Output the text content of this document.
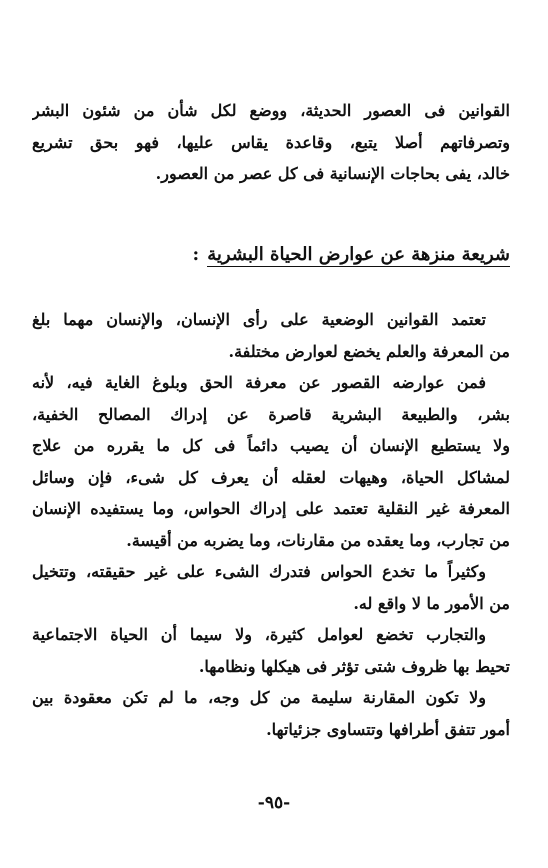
القوانين فى العصور الحديثة، ووضع لكل شأن من شئون البشر
وتصرفاتهم أصلا يتبع، وقاعدة يقاس عليها، فهو بحق تشريع
خالد، يفى بحاجات الإنسانية فى كل عصر من العصور.
شريعة منزهة عن عوارض الحياة البشرية:
تعتمد القوانين الوضعية على رأى الإنسان، والإنسان مهما بلغ
من المعرفة والعلم يخضع لعوارض مختلفة.
فمن عوارضه القصور عن معرفة الحق وبلوغ الغاية فيه، لأنه
بشر، والطبيعة البشرية قاصرة عن إدراك المصالح الخفية،
ولا يستطيع الإنسان أن يصيب دائماً فى كل ما يقرره من علاج
لمشاكل الحياة، وهيهات لعقله أن يعرف كل شىء، فإن وسائل
المعرفة غير النقلية تعتمد على إدراك الحواس، وما يستفيده الإنسان
من تجارب، وما يعقده من مقارنات، وما يضربه من أقيسة.
وكثيراً ما تخدع الحواس فتدرك الشىء على غير حقيقته، وتتخيل
من الأمور ما لا واقع له.
والتجارب تخضع لعوامل كثيرة، ولا سيما أن الحياة الاجتماعية
تحيط بها ظروف شتى تؤثر فى هيكلها ونظامها.
ولا تكون المقارنة سليمة من كل وجه، ما لم تكن معقودة بين
أمور تتفق أطرافها وتتساوى جزئياتها.
-٩٥-
